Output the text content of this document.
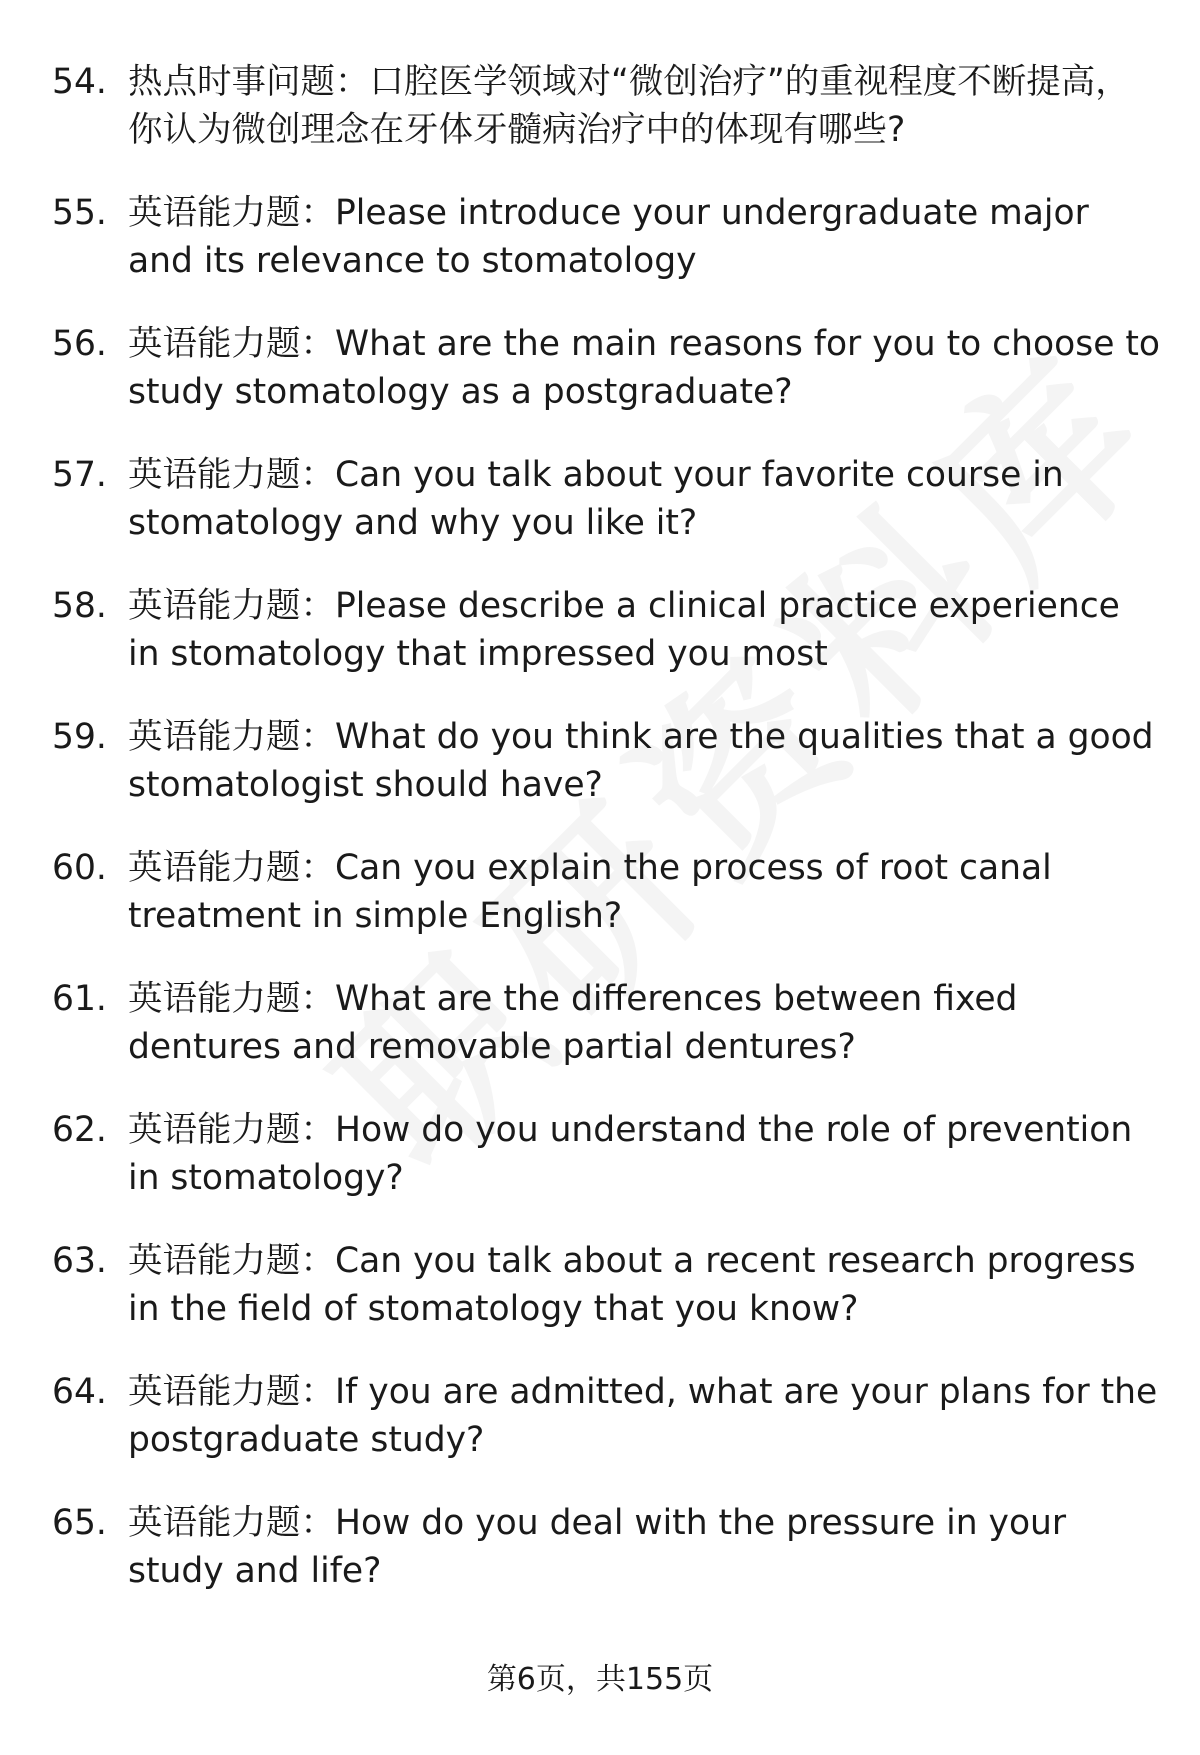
54. 热点时事问题：口腔医学领域对“微创治疗”的重视程度不断提高，你认为微创理念在牙体牙髓病治疗中的体现有哪些?
55. 英语能力题：Please introduce your undergraduate major and its relevance to stomatology
56. 英语能力题：What are the main reasons for you to choose to study stomatology as a postgraduate?
57. 英语能力题：Can you talk about your favorite course in stomatology and why you like it?
58. 英语能力题：Please describe a clinical practice experience in stomatology that impressed you most
59. 英语能力题：What do you think are the qualities that a good stomatologist should have?
60. 英语能力题：Can you explain the process of root canal treatment in simple English?
61. 英语能力题：What are the differences between fixed dentures and removable partial dentures?
62. 英语能力题：How do you understand the role of prevention in stomatology?
63. 英语能力题：Can you talk about a recent research progress in the field of stomatology that you know?
64. 英语能力题：If you are admitted, what are your plans for the postgraduate study?
65. 英语能力题：How do you deal with the pressure in your study and life?
第6页，共155页
